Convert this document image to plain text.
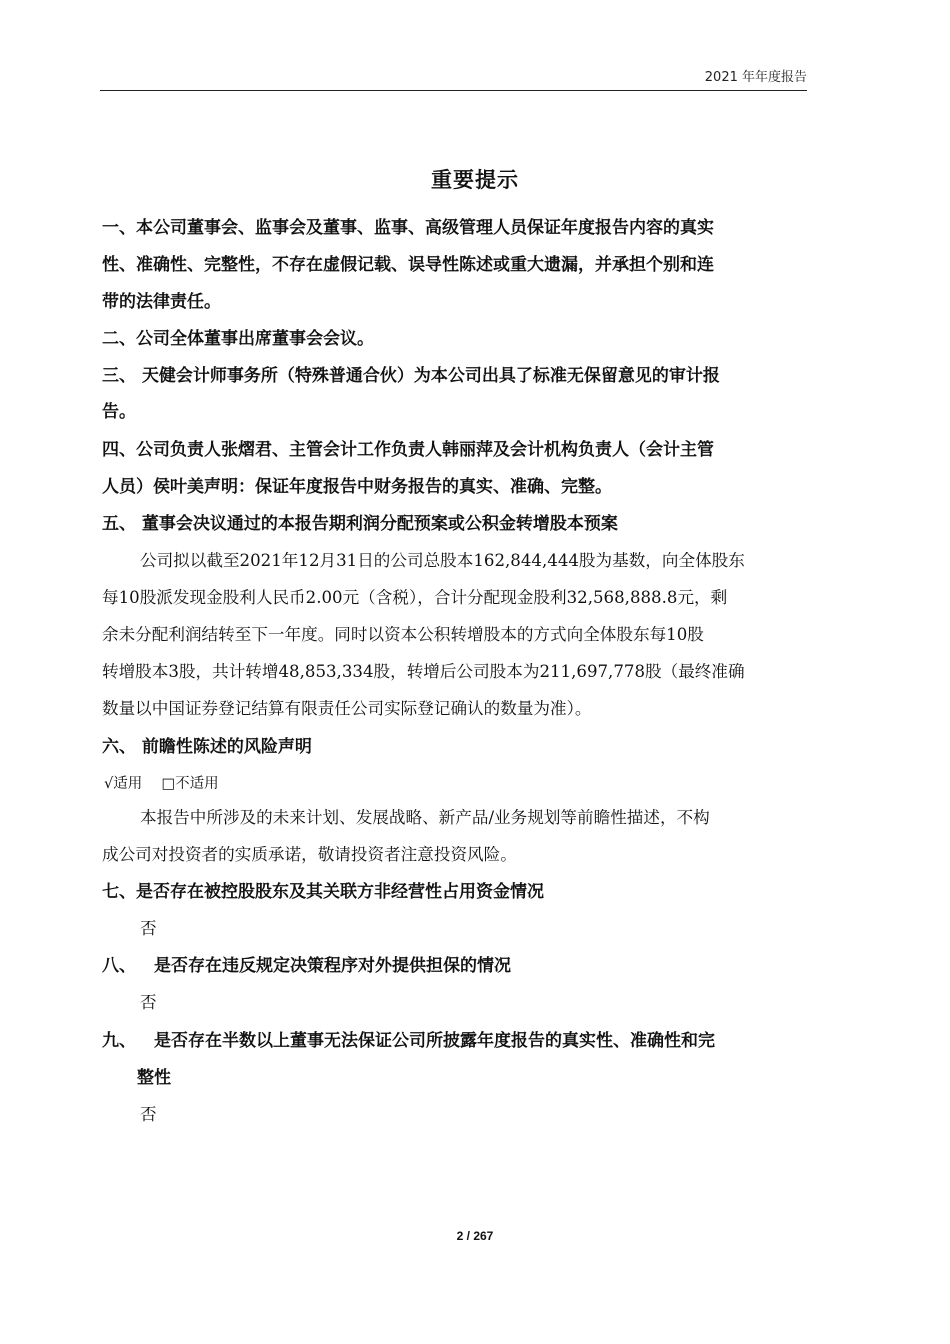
2021 年年度报告
重要提示
一、本公司董事会、监事会及董事、监事、高级管理人员保证年度报告内容的真实
性、准确性、完整性，不存在虚假记载、误导性陈述或重大遗漏，并承担个别和连
带的法律责任。
二、公司全体董事出席董事会会议。
三、 天健会计师事务所（特殊普通合伙）为本公司出具了标准无保留意见的审计报
告。
四、公司负责人张熠君、主管会计工作负责人韩丽萍及会计机构负责人（会计主管
人员）侯叶美声明：保证年度报告中财务报告的真实、准确、完整。
五、 董事会决议通过的本报告期利润分配预案或公积金转增股本预案
公司拟以截至2021年12月31日的公司总股本162,844,444股为基数，向全体股东
每10股派发现金股利人民币2.00元（含税），合计分配现金股利32,568,888.8元，剩
余未分配利润结转至下一年度。同时以资本公积转增股本的方式向全体股东每10股
转增股本3股，共计转增48,853,334股，转增后公司股本为211,697,778股（最终准确
数量以中国证券登记结算有限责任公司实际登记确认的数量为准）。
六、 前瞻性陈述的风险声明
√适用 □不适用
本报告中所涉及的未来计划、发展战略、新产品/业务规划等前瞻性描述，不构
成公司对投资者的实质承诺，敬请投资者注意投资风险。
七、是否存在被控股股东及其关联方非经营性占用资金情况
否
八、 是否存在违反规定决策程序对外提供担保的情况
否
九、 是否存在半数以上董事无法保证公司所披露年度报告的真实性、准确性和完
整性
否
2 / 267
